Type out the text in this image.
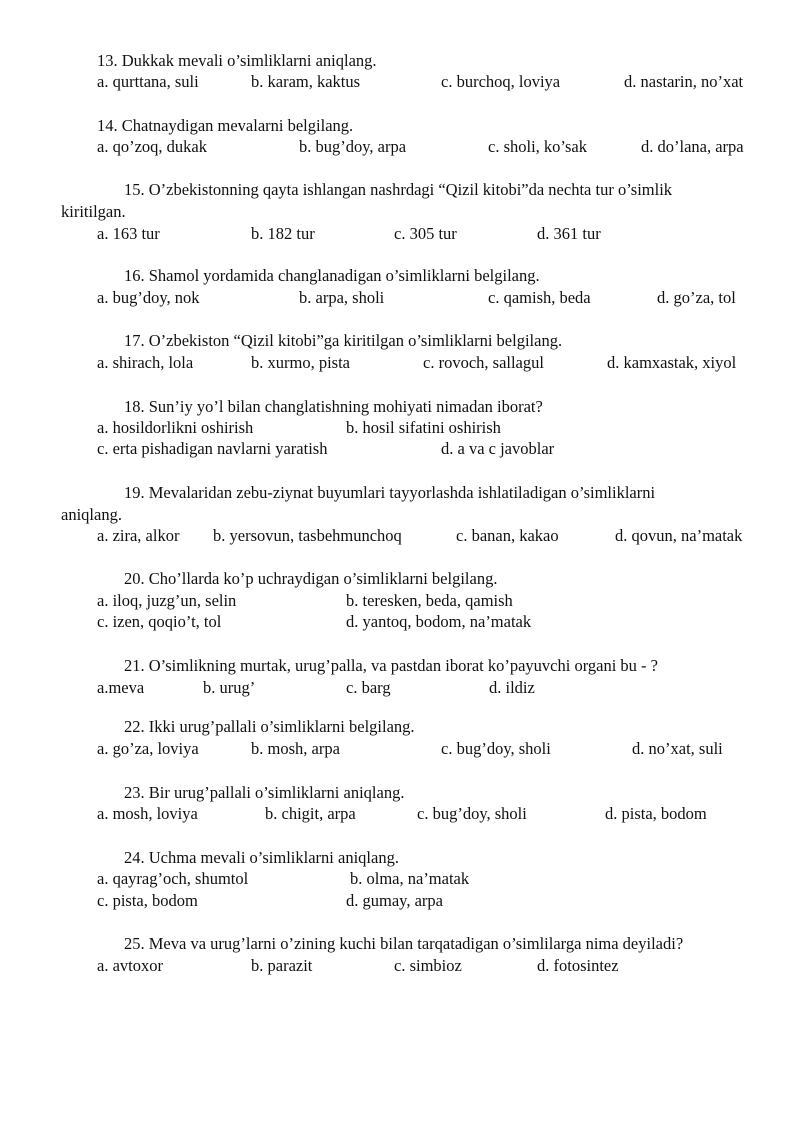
13. Dukkak mevali o’simliklarni aniqlang.
a. qurttana, suli	b. karam, kaktus	c. burchoq, loviya	d. nastarin, no’xat
14. Chatnaydigan mevalarni belgilang.
a. qo’zoq, dukak	b. bug’doy, arpa	c. sholi, ko’sak	d. do’lana, arpa
15. O’zbekistonning qayta ishlangan nashrdagi “Qizil kitobi”da nechta tur o’simlik
kiritilgan.
a. 163 tur	b. 182 tur	c. 305 tur	d. 361 tur
16. Shamol yordamida changlanadigan o’simliklarni belgilang.
a. bug’doy, nok	b. arpa, sholi	c. qamish, beda	d. go’za, tol
17. O’zbekiston “Qizil kitobi”ga kiritilgan o’simliklarni belgilang.
a. shirach, lola	b. xurmo, pista	c. rovoch, sallagul	d. kamxastak, xiyol
18. Sun’iy yo’l bilan changlatishning mohiyati nimadan iborat?
a. hosildorlikni oshirish	b. hosil sifatini oshirish
c. erta pishadigan navlarni yaratish	d. a va c javoblar
19. Mevalaridan zebu-ziynat buyumlari tayyorlashda ishlatiladigan o’simliklarni
aniqlang.
a. zira, alkor b. yersovun, tasbehmunchoq	c. banan, kakao	d. qovun, na’matak
20. Cho’llarda ko’p uchraydigan o’simliklarni belgilang.
a. iloq, juzg’un, selin	b. teresken, beda, qamish
c. izen, qoqio’t, tol	d. yantoq, bodom, na’matak
21. O’simlikning murtak, urug’palla, va pastdan iborat ko’payuvchi organi bu - ?
a.meva	b. urug’	c. barg	d. ildiz
22. Ikki urug’pallali o’simliklarni belgilang.
a. go’za, loviya	b. mosh, arpa	c. bug’doy, sholi	d. no’xat, suli
23. Bir urug’pallali o’simliklarni aniqlang.
a. mosh, loviya	b. chigit, arpa	c. bug’doy, sholi	d. pista, bodom
24. Uchma mevali o’simliklarni aniqlang.
a. qayrag’och, shumtol	b. olma, na’matak
c. pista, bodom	d. gumay, arpa
25. Meva va urug’larni o’zining kuchi bilan tarqatadigan o’simlilarga nima deyiladi?
a. avtoxor	b. parazit	c. simbioz	d. fotosintez
